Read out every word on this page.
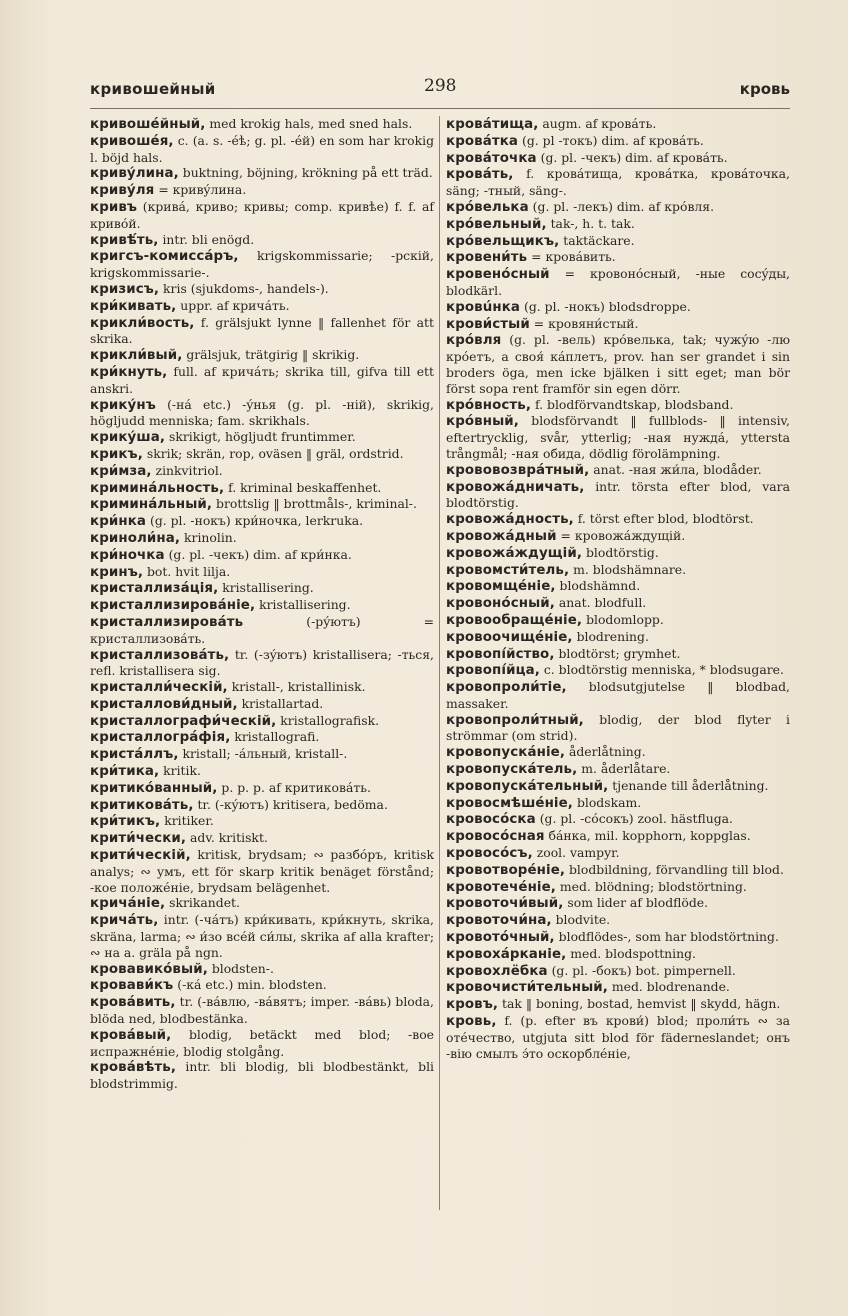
кривошейный	298	кровь
кривошéйный, med krokig hals, med sned hals.
кривошéя, c. (a. s. -éѣ; g. pl. -éй) en som har krokig l. böjd hals.
кривýлина, buktning, böjning, krökning på ett träd.
кривýля = кривýлина.
кривъ (кривá, криво; кривы; comp. кривѣе) f. f. af кривóй.
кривѣ́ть, intr. bli enögd.
кригсъ-комиссáръ, krigskommissarie; -рскій, krigskommissarie-.
кризисъ, kris (sjukdoms-, handels-).
кри́кивать, uppr. af кричáть.
крикли́вость, f. grälsjukt lynne ‖ fallenhet för att skrika.
крикли́вый, grälsjuk, trätgirig ‖ skrikig.
кри́кнуть, full. af кричáть; skrika till, gifva till ett anskri.
крикýнъ (-нá etc.) -ýнья (g. pl. -ній), skrikig, högljudd menniska; fam. skrikhals.
крикýша, skrikigt, högljudt fruntimmer.
крикъ, skrik; skrän, rop, oväsen ‖ gräl, ordstrid.
кри́мза, zinkvitriol.
кримина́льность, f. kriminal beskaffenhet.
кримина́льный, brottslig ‖ brottmåls-, kriminal-.
кри́нка (g. pl. -нокъ) кри́ночка, lerkruka.
кринoли́на, krinolin.
кри́ночка (g. pl. -чекъ) dim. af кри́нка.
кринъ, bot. hvit lilja.
кристаллизáція, kristallisering.
кристаллизировáніе, kristallisering.
кристаллизировáть (-рýютъ) = кристаллизовáть.
кристаллизовáть, tr. (-зýютъ) kristallisera; -ться, refl. kristallisera sig.
кристалли́ческій, kristall-, kristallinisk.
кристаллови́дный, kristallartad.
кристаллографи́ческій, kristallografisk.
кристаллогрáфія, kristallografi.
кристáллъ, kristall; -áльный, kristall-.
кри́тика, kritik.
критикóванный, p. p. p. af критиковáть.
критиковáть, tr. (-кýютъ) kritisera, bedöma.
кри́тикъ, kritiker.
крити́чески, adv. kritiskt.
крити́ческій, kritisk, brydsam; ∾ разбóръ, kritisk analys; ∾ умъ, ett för skarp kritik benäget förstånd; -кое положéніе, brydsam belägenhet.
кричáніе, skrikandet.
кричáть, intr. (-чáтъ) кри́кивать, кри́кнуть, skrika, skräna, larma; ∾ и́зо всéй си́лы, skrika af alla krafter; ∾ на a. gräla på ngn.
кровавикóвый, blodsten-.
кровави́къ (-кá etc.) min. blodsten.
кровáвить, tr. (-вáвлю, -вáвятъ; imper. -вáвь) bloda, blöda ned, blodbestänka.
кровáвый, blodig, betäckt med blod; -вое испражнéніе, blodig stolgång.
кровáвѣть, intr. bli blodig, bli blodbestänkt, bli blodstrimmig.
кровáтища, augm. af кровáть.
кровáтка (g. pl -токъ) dim. af кровáть.
кровáточка (g. pl. -чекъ) dim. af кровáть.
кровáть, f. кровáтища, кровáтка, кровáточка, säng; -тный, säng-.
крóвелька (g. pl. -лекъ) dim. af крóвля.
крóвельный, tak-, h. t. tak.
крóвельщикъ, taktäckare.
кровени́ть = кровáвить.
кровенóсный = кровонóсный, -ные сосýды, blodkärl.
кровúнка (g. pl. -нокъ) blodsdroppe.
крови́стый = кровяни́стый.
крóвля (g. pl. -вель) крóвелька, tak; чужýю -лю крóетъ, а своя́ кáплетъ, prov. han ser grandet i sin broders öga, men icke bjälken i sitt eget; man bör först sopa rent framför sin egen dörr.
крóвность, f. blodförvandtskap, blodsband.
крóвный, blodsförvandt ‖ fullblods- ‖ intensiv, eftertrycklig, svår, ytterlig; -ная нуждá, yttersta trångmål; -ная обида, dödlig förolämpning.
крововозврáтный, anat. -ная жи́ла, blodåder.
кровожáдничать, intr. törsta efter blod, vara blodtörstig.
кровожáдность, f. törst efter blod, blodtörst.
кровожáдный = кровожáждущій.
кровожáждущій, blodtörstig.
кровомсти́тель, m. blodshämnare.
кровомщéніе, blodshämnd.
кровонóсный, anat. blodfull.
кровообращéніе, blodomlopp.
кровоочищéніе, blodrening.
кровопíйство, blodtörst; grymhet.
кровопíйца, c. blodtörstig menniska, * blodsugare.
кровопроли́тіе, blodsutgjutelse ‖ blodbad, massaker.
кровопроли́тный, blodig, der blod flyter i strömmar (om strid).
кровопускáніе, åderlåtning.
кровопускáтель, m. åderlåtare.
кровопускáтельный, tjenande till åderlåtning.
кровосмѣшéніе, blodskam.
кровосóска (g. pl. -cóсокъ) zool. hästfluga.
кровосóсная бáнка, mil. kopphorn, koppglas.
кровосóсъ, zool. vampyr.
кровотворéніе, blodbildning, förvandling till blod.
кровотечéніе, med. blödning; blodstörtning.
кровоточи́вый, som lider af blodflöde.
кровоточи́на, blodvite.
кровотóчный, blodflödes-, som har blodstörtning.
кровохáрканіе, med. blodspottning.
кровохлёбка (g. pl. -бокъ) bot. pimpernell.
кровочисти́тельный, med. blodrenande.
кровъ, tak ‖ boning, bostad, hemvist ‖ skydd, hägn.
кровь, f. (p. efter въ крови́) blod; проли́ть ∾ за отéчество, utgjuta sitt blod för fäderneslandet; онъ -вію смылъ э́то оскорблéніе,
